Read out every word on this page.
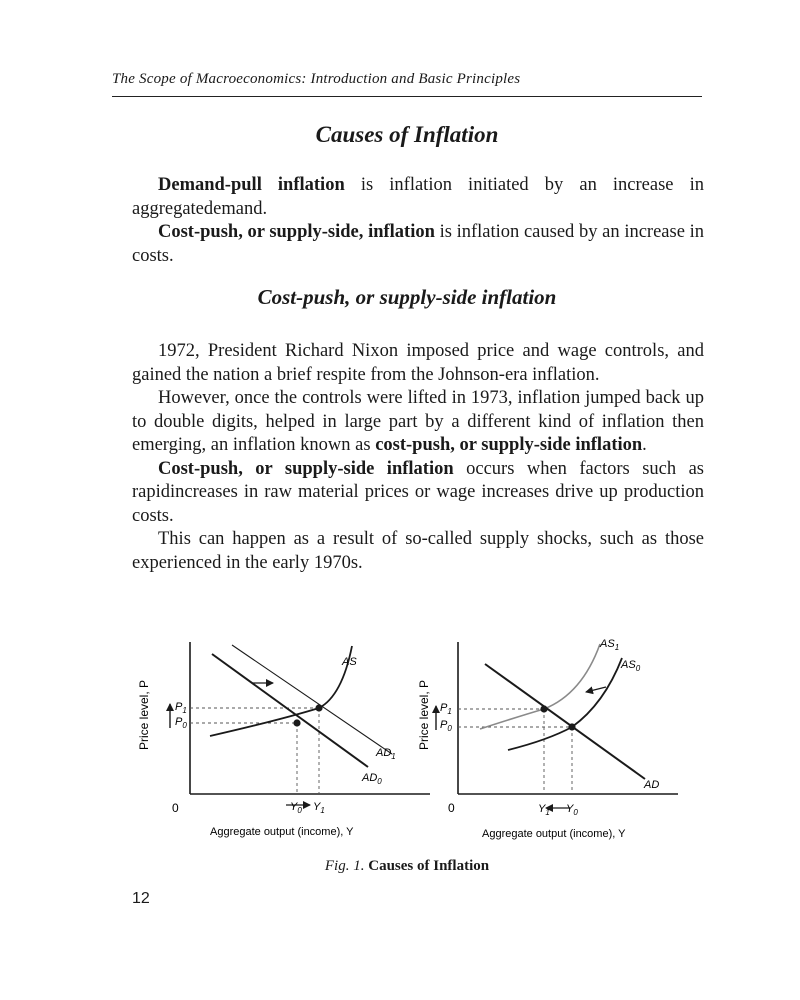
The Scope of Macroeconomics: Introduction and Basic Principles
Causes of Inflation

Demand-pull inflation is inflation initiated by an increase in aggregatedemand.

Cost-push, or supply-side, inflation is inflation caused by an increase in costs.

Cost-push, or supply-side inflation

1972, President Richard Nixon imposed price and wage controls, and gained the nation a brief respite from the Johnson-era inflation.

However, once the controls were lifted in 1973, inflation jumped back up to double digits, helped in large part by a different kind of inflation then emerging, an inflation known as cost-push, or supply-side inflation.

Cost-push, or supply-side inflation occurs when factors such as rapidincreases in raw material prices or wage increases drive up production costs.

This can happen as a result of so-called supply shocks, such as those experienced in the early 1970s.

Price level, P
0
Aggregate output (income), Y
AS
$AD_1$
$AD_0$
$P_1$
$P_0$
$Y_0$ $Y_1$
Price level, P
0
Aggregate output (income), Y
$AS_1$
$AS_0$
AD
$P_1$
$P_0$
$Y_1$ $Y_0$
Fig. 1. Causes of Inflation
12
